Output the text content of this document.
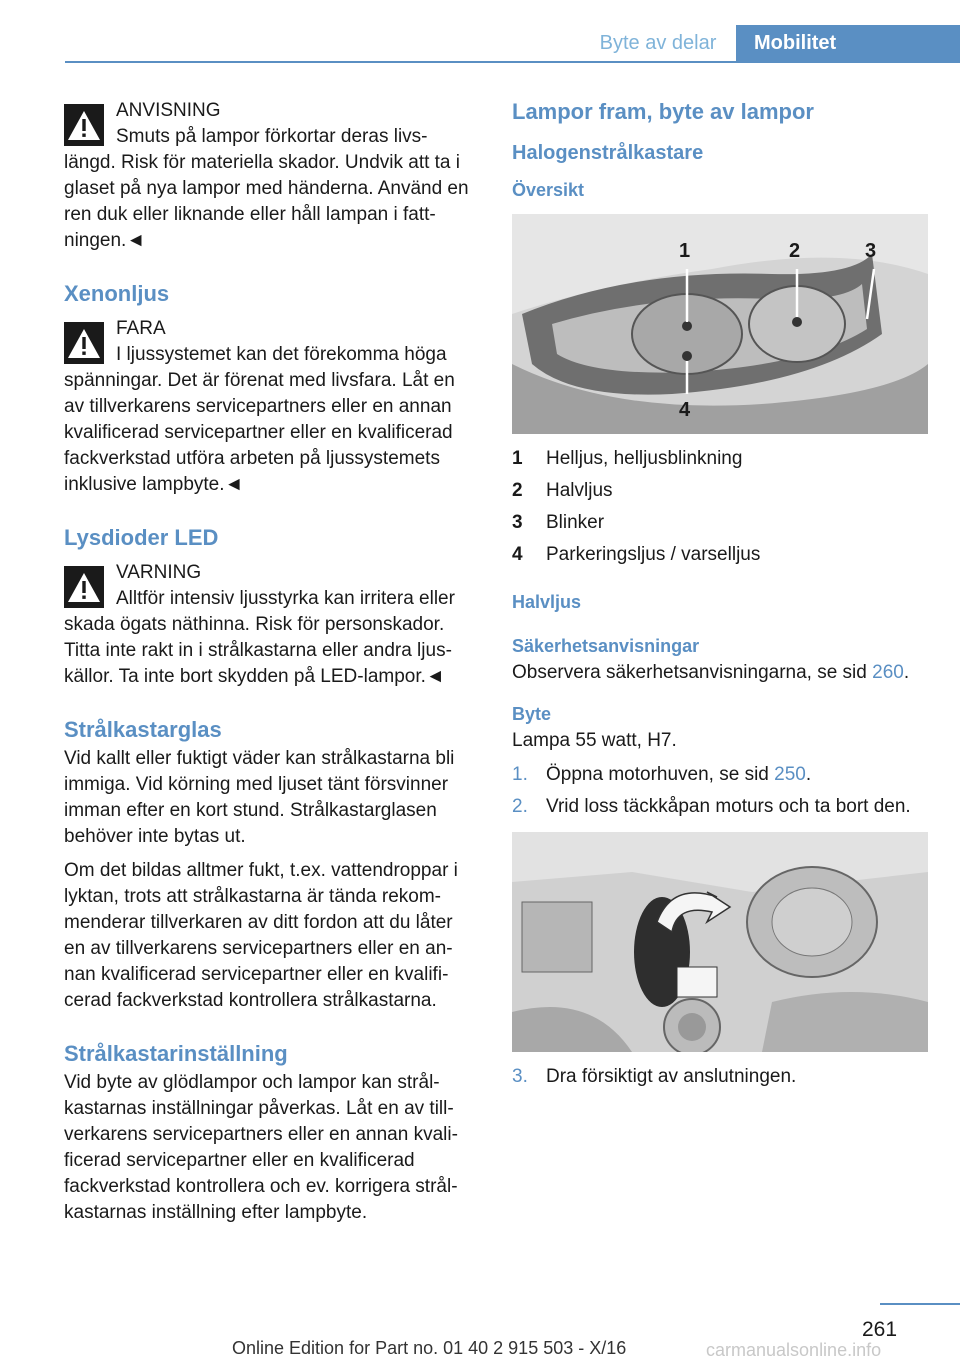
Byte av delar	Mobilitet
ANVISNING
Smuts på lampor förkortar deras livs-
längd. Risk för materiella skador. Undvik att ta i glaset på nya lampor med händerna. Använd en ren duk eller liknande eller håll lampan i fatt-ningen.◄
Xenonljus
FARA
I ljussystemet kan det förekomma höga
spänningar. Det är förenat med livsfara. Låt en av tillverkarens servicepartners eller en annan kvalificerad servicepartner eller en kvalificerad fackverkstad utföra arbeten på ljussystemets inklusive lampbyte.◄
Lysdioder LED
VARNING
Alltför intensiv ljusstyrka kan irritera eller
skada ögats näthinna. Risk för personskador. Titta inte rakt in i strålkastarna eller andra ljus-källor. Ta inte bort skydden på LED-lampor.◄
Strålkastarglas

Vid kallt eller fuktigt väder kan strålkastarna bli immiga. Vid körning med ljuset tänt försvinner imman efter en kort stund. Strålkastarglasen behöver inte bytas ut.

Om det bildas alltmer fukt, t.ex. vattendroppar i lyktan, trots att strålkastarna är tända rekommenderar tillverkaren av ditt fordon att du låter en av tillverkarens servicepartners eller en annan kvalificerad servicepartner eller en kvalificerad fackverkstad kontrollera strålkastarna.

Strålkastarinställning

Vid byte av glödlampor och lampor kan strålkastarnas inställningar påverkas. Låt en av tillverkarens servicepartners eller en annan kvalificerad servicepartner eller en kvalificerad fackverkstad kontrollera och ev. korrigera strålkastarnas inställning efter lampbyte.

Lampor fram, byte av lampor
Halogenstrålkastare
Översikt
1	2	3
4
1	Helljus, helljusblinkning
2	Halvljus
3	Blinker
4	Parkeringsljus / varselljus
Halvljus
Säkerhetsanvisningar

Observera säkerhetsanvisningarna, se sid 260.

Byte

Lampa 55 watt, H7.

1. Öppna motorhuven, se sid 250.
2. Vrid loss täckkåpan moturs och ta bort den.
3. Dra försiktigt av anslutningen.
261
Online Edition for Part no. 01 40 2 915 503 - X/16	carmanualsonline.info
